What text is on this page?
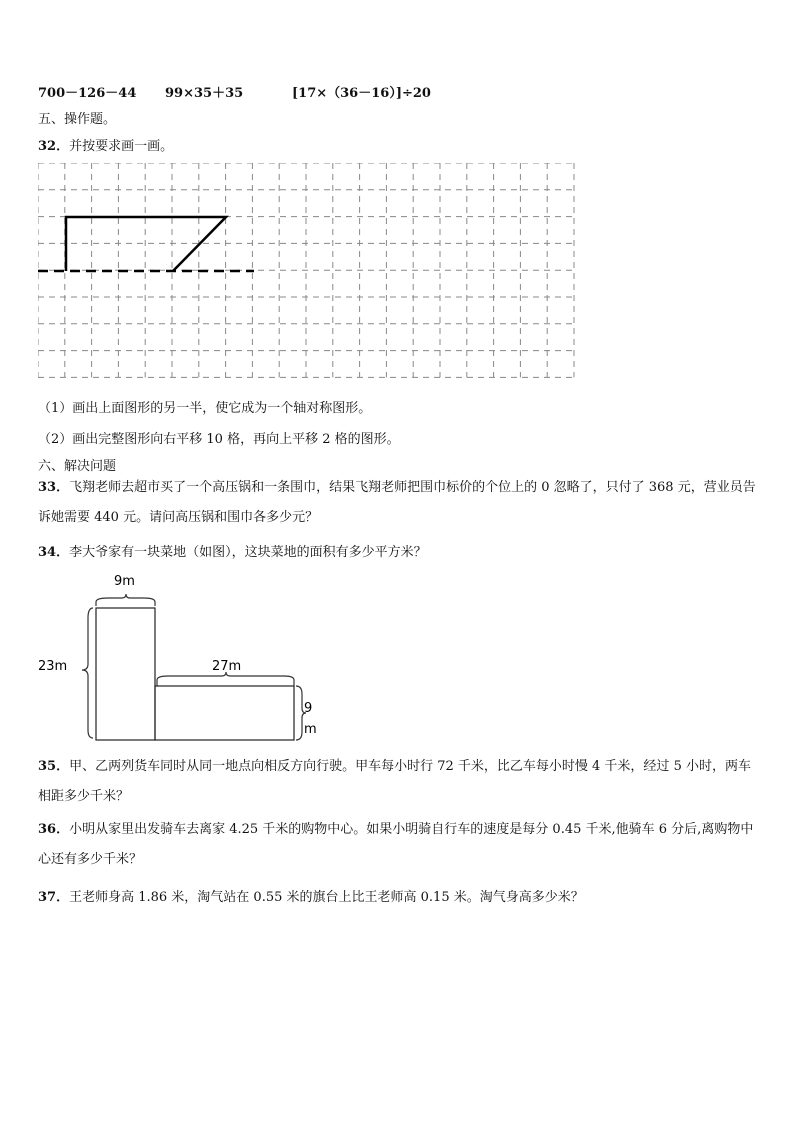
700－126－44 99×35＋35	[17×（36－16）]÷20
五、操作题。
32．并按要求画一画。
（1）画出上面图形的另一半，使它成为一个轴对称图形。
（2）画出完整图形向右平移 10 格，再向上平移 2 格的图形。
六、解决问题
33．飞翔老师去超市买了一个高压锅和一条围巾，结果飞翔老师把围巾标价的个位上的 0 忽略了，只付了 368 元，营业员告诉她需要 440 元。请问高压锅和围巾各多少元？
34．李大爷家有一块菜地（如图），这块菜地的面积有多少平方米？
9m
23m	27m
9
m
35．甲、乙两列货车同时从同一地点向相反方向行驶。甲车每小时行 72 千米，比乙车每小时慢 4 千米，经过 5 小时，两车相距多少千米？
36．小明从家里出发骑车去离家 4.25 千米的购物中心。如果小明骑自行车的速度是每分 0.45 千米,他骑车 6 分后,离购物中心还有多少千米？
37．王老师身高 1.86 米，淘气站在 0.55 米的旗台上比王老师高 0.15 米。淘气身高多少米？
